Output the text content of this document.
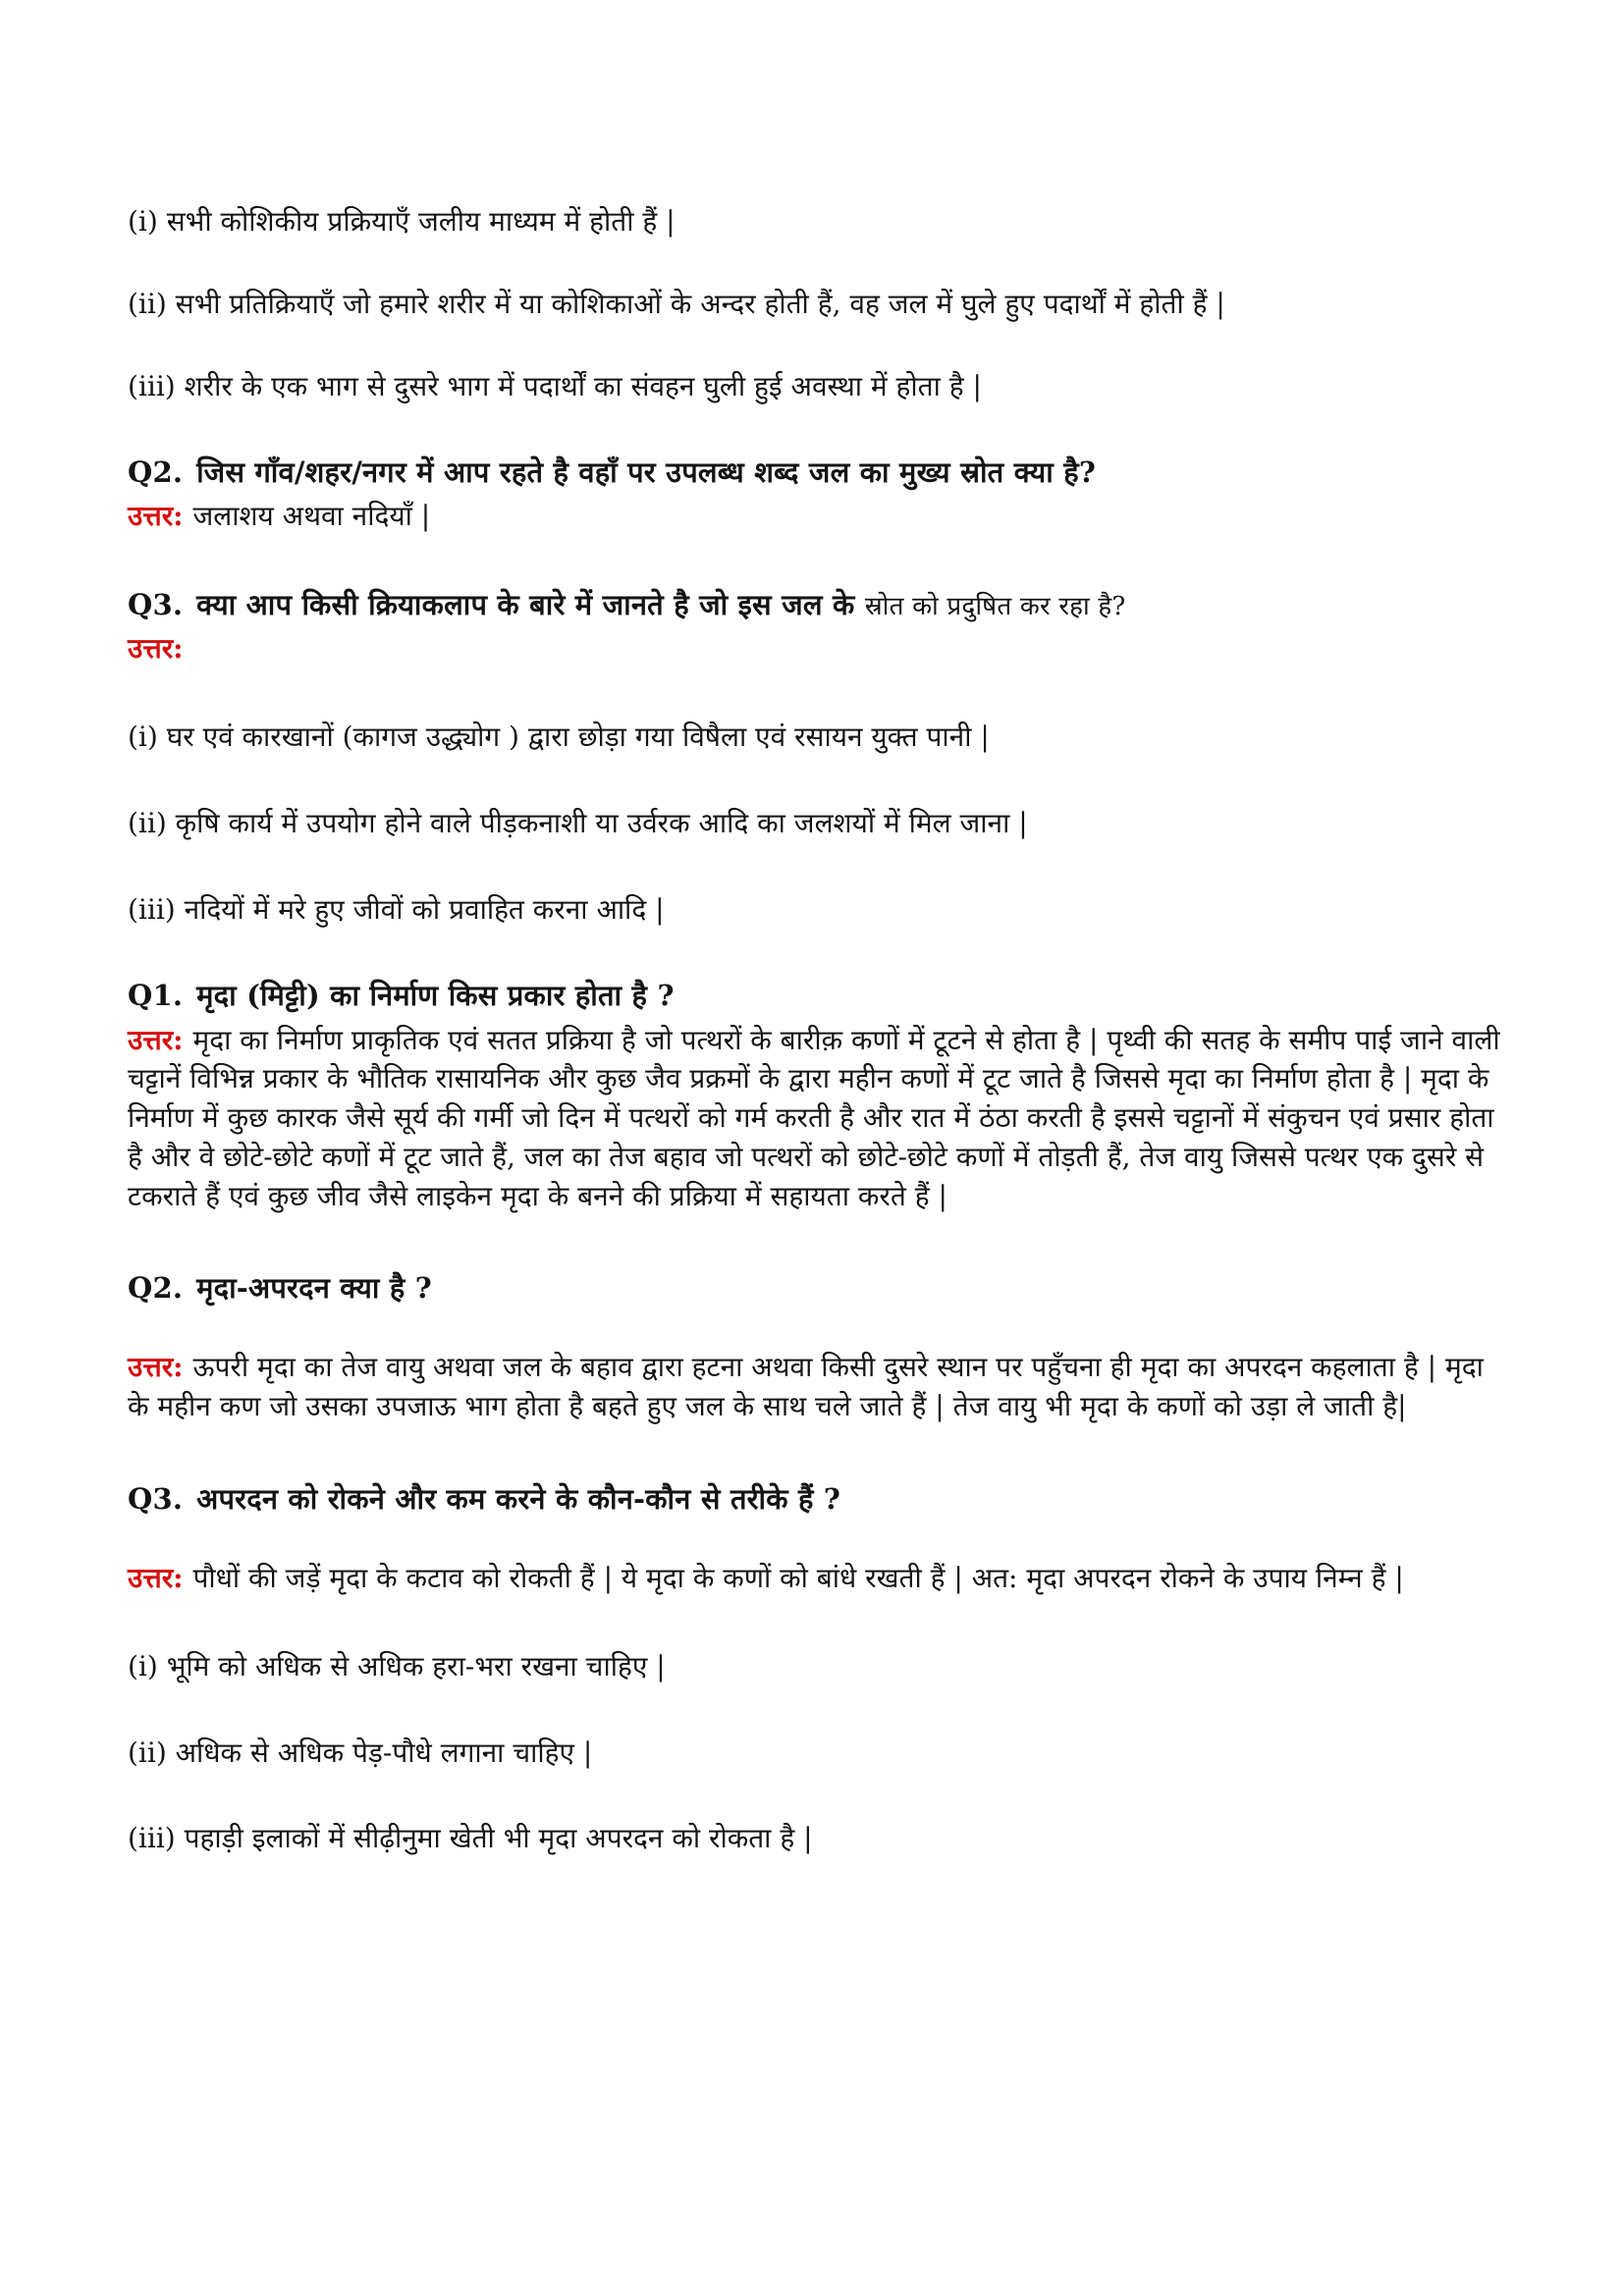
(i) सभी कोशिकीय प्रक्रियाएँ जलीय माध्यम में होती हैं |

(ii) सभी प्रतिक्रियाएँ जो हमारे शरीर में या कोशिकाओं के अन्दर होती हैं, वह जल में घुले हुए पदार्थों में होती हैं |

(iii) शरीर के एक भाग से दुसरे भाग में पदार्थों का संवहन घुली हुई अवस्था में होता है |

Q2. जिस गाँव/शहर/नगर में आप रहते है वहाँ पर उपलब्ध शब्द जल का मुख्य स्रोत क्या है?

उत्तर: जलाशय अथवा नदियाँ |

Q3. क्या आप किसी क्रियाकलाप के बारे में जानते है जो इस जल के स्रोत को प्रदुषित कर रहा है?

उत्तर:

(i) घर एवं कारखानों (कागज उद्ध्योग ) द्वारा छोड़ा गया विषैला एवं रसायन युक्त पानी |

(ii) कृषि कार्य में उपयोग होने वाले पीड़कनाशी या उर्वरक आदि का जलशयों में मिल जाना |

(iii) नदियों में मरे हुए जीवों को प्रवाहित करना आदि |

Q1. मृदा (मिट्टी) का निर्माण किस प्रकार होता है ?

उत्तर: मृदा का निर्माण प्राकृतिक एवं सतत प्रक्रिया है जो पत्थरों के बारीक़ कणों में टूटने से होता है | पृथ्वी की सतह के समीप पाई जाने वाली चट्टानें विभिन्न प्रकार के भौतिक रासायनिक और कुछ जैव प्रक्रमों के द्वारा महीन कणों में टूट जाते है जिससे मृदा का निर्माण होता है | मृदा के निर्माण में कुछ कारक जैसे सूर्य की गर्मी जो दिन में पत्थरों को गर्म करती है और रात में ठंठा करती है इससे चट्टानों में संकुचन एवं प्रसार होता है और वे छोटे-छोटे कणों में टूट जाते हैं, जल का तेज बहाव जो पत्थरों को छोटे-छोटे कणों में तोड़ती हैं, तेज वायु जिससे पत्थर एक दुसरे से टकराते हैं एवं कुछ जीव जैसे लाइकेन मृदा के बनने की प्रक्रिया में सहायता करते हैं |

Q2. मृदा-अपरदन क्या है ?

उत्तर: ऊपरी मृदा का तेज वायु अथवा जल के बहाव द्वारा हटना अथवा किसी दुसरे स्थान पर पहुँचना ही मृदा का अपरदन कहलाता है | मृदा के महीन कण जो उसका उपजाऊ भाग होता है बहते हुए जल के साथ चले जाते हैं | तेज वायु भी मृदा के कणों को उड़ा ले जाती है|

Q3. अपरदन को रोकने और कम करने के कौन-कौन से तरीके हैं ?

उत्तर: पौधों की जड़ें मृदा के कटाव को रोकती हैं | ये मृदा के कणों को बांधे रखती हैं | अत: मृदा अपरदन रोकने के उपाय निम्न हैं |

(i) भूमि को अधिक से अधिक हरा-भरा रखना चाहिए |

(ii) अधिक से अधिक पेड़-पौधे लगाना चाहिए |

(iii) पहाड़ी इलाकों में सीढ़ीनुमा खेती भी मृदा अपरदन को रोकता है |
